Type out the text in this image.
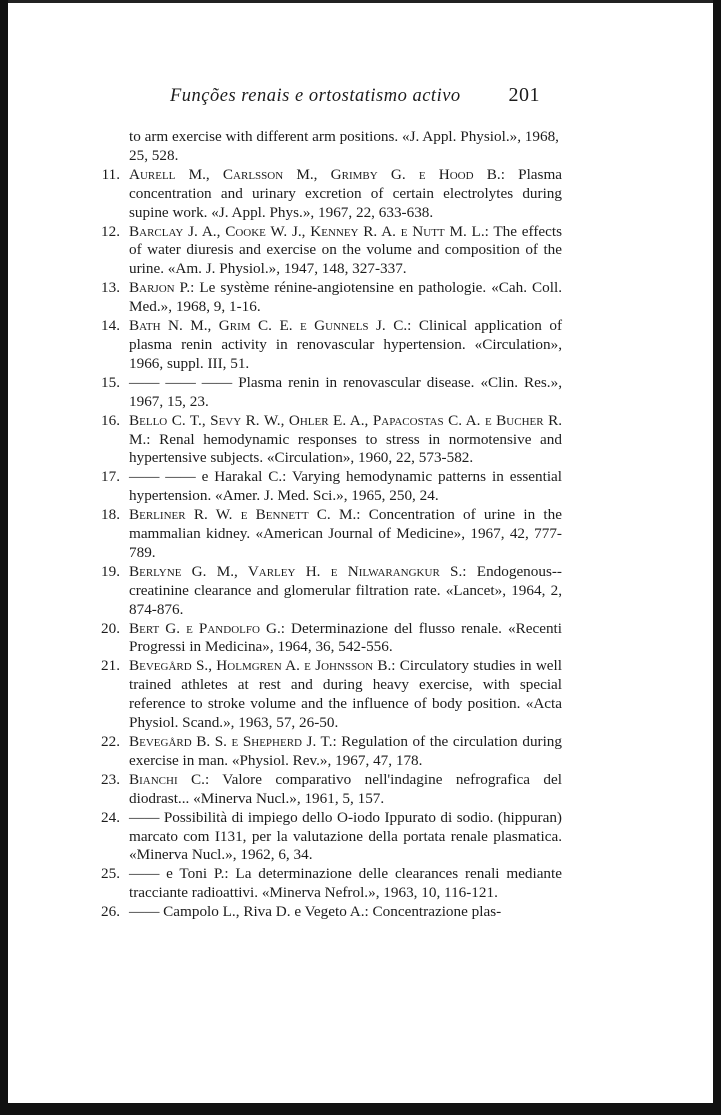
Funções renais e ortostatismo activo 201
to arm exercise with different arm positions. «J. Appl. Physiol.», 1968, 25, 528.
11. Aurell M., Carlsson M., Grimby G. e Hood B.: Plasma concentration and urinary excretion of certain electrolytes during supine work. «J. Appl. Phys.», 1967, 22, 633-638.
12. Barclay J. A., Cooke W. J., Kenney R. A. e Nutt M. L.: The effects of water diuresis and exercise on the volume and composition of the urine. «Am. J. Physiol.», 1947, 148, 327-337.
13. Barjon P.: Le système rénine-angiotensine en pathologie. «Cah. Coll. Med.», 1968, 9, 1-16.
14. Bath N. M., Grim C. E. e Gunnels J. C.: Clinical application of plasma renin activity in renovascular hypertension. «Circulation», 1966, suppl. III, 51.
15. —— —— —— Plasma renin in renovascular disease. «Clin. Res.», 1967, 15, 23.
16. Bello C. T., Sevy R. W., Ohler E. A., Papacostas C. A. e Bucher R. M.: Renal hemodynamic responses to stress in normotensive and hypertensive subjects. «Circulation», 1960, 22, 573-582.
17. —— —— e Harakal C.: Varying hemodynamic patterns in essential hypertension. «Amer. J. Med. Sci.», 1965, 250, 24.
18. Berliner R. W. e Bennett C. M.: Concentration of urine in the mammalian kidney. «American Journal of Medicine», 1967, 42, 777-789.
19. Berlyne G. M., Varley H. e Nilwarangkur S.: Endogenous--creatinine clearance and glomerular filtration rate. «Lancet», 1964, 2, 874-876.
20. Bert G. e Pandolfo G.: Determinazione del flusso renale. «Recenti Progressi in Medicina», 1964, 36, 542-556.
21. Bevegård S., Holmgren A. e Johnsson B.: Circulatory studies in well trained athletes at rest and during heavy exercise, with special reference to stroke volume and the influence of body position. «Acta Physiol. Scand.», 1963, 57, 26-50.
22. Bevegård B. S. e Shepherd J. T.: Regulation of the circulation during exercise in man. «Physiol. Rev.», 1967, 47, 178.
23. Bianchi C.: Valore comparativo nell'indagine nefrografica del diodrast... «Minerva Nucl.», 1961, 5, 157.
24. —— Possibilità di impiego dello O-iodo Ippurato di sodio. (hippuran) marcato com I131, per la valutazione della portata renale plasmatica. «Minerva Nucl.», 1962, 6, 34.
25. —— e Toni P.: La determinazione delle clearances renali mediante tracciante radioattivi. «Minerva Nefrol.», 1963, 10, 116-121.
26. —— Campolo L., Riva D. e Vegeto A.: Concentrazione plas-
